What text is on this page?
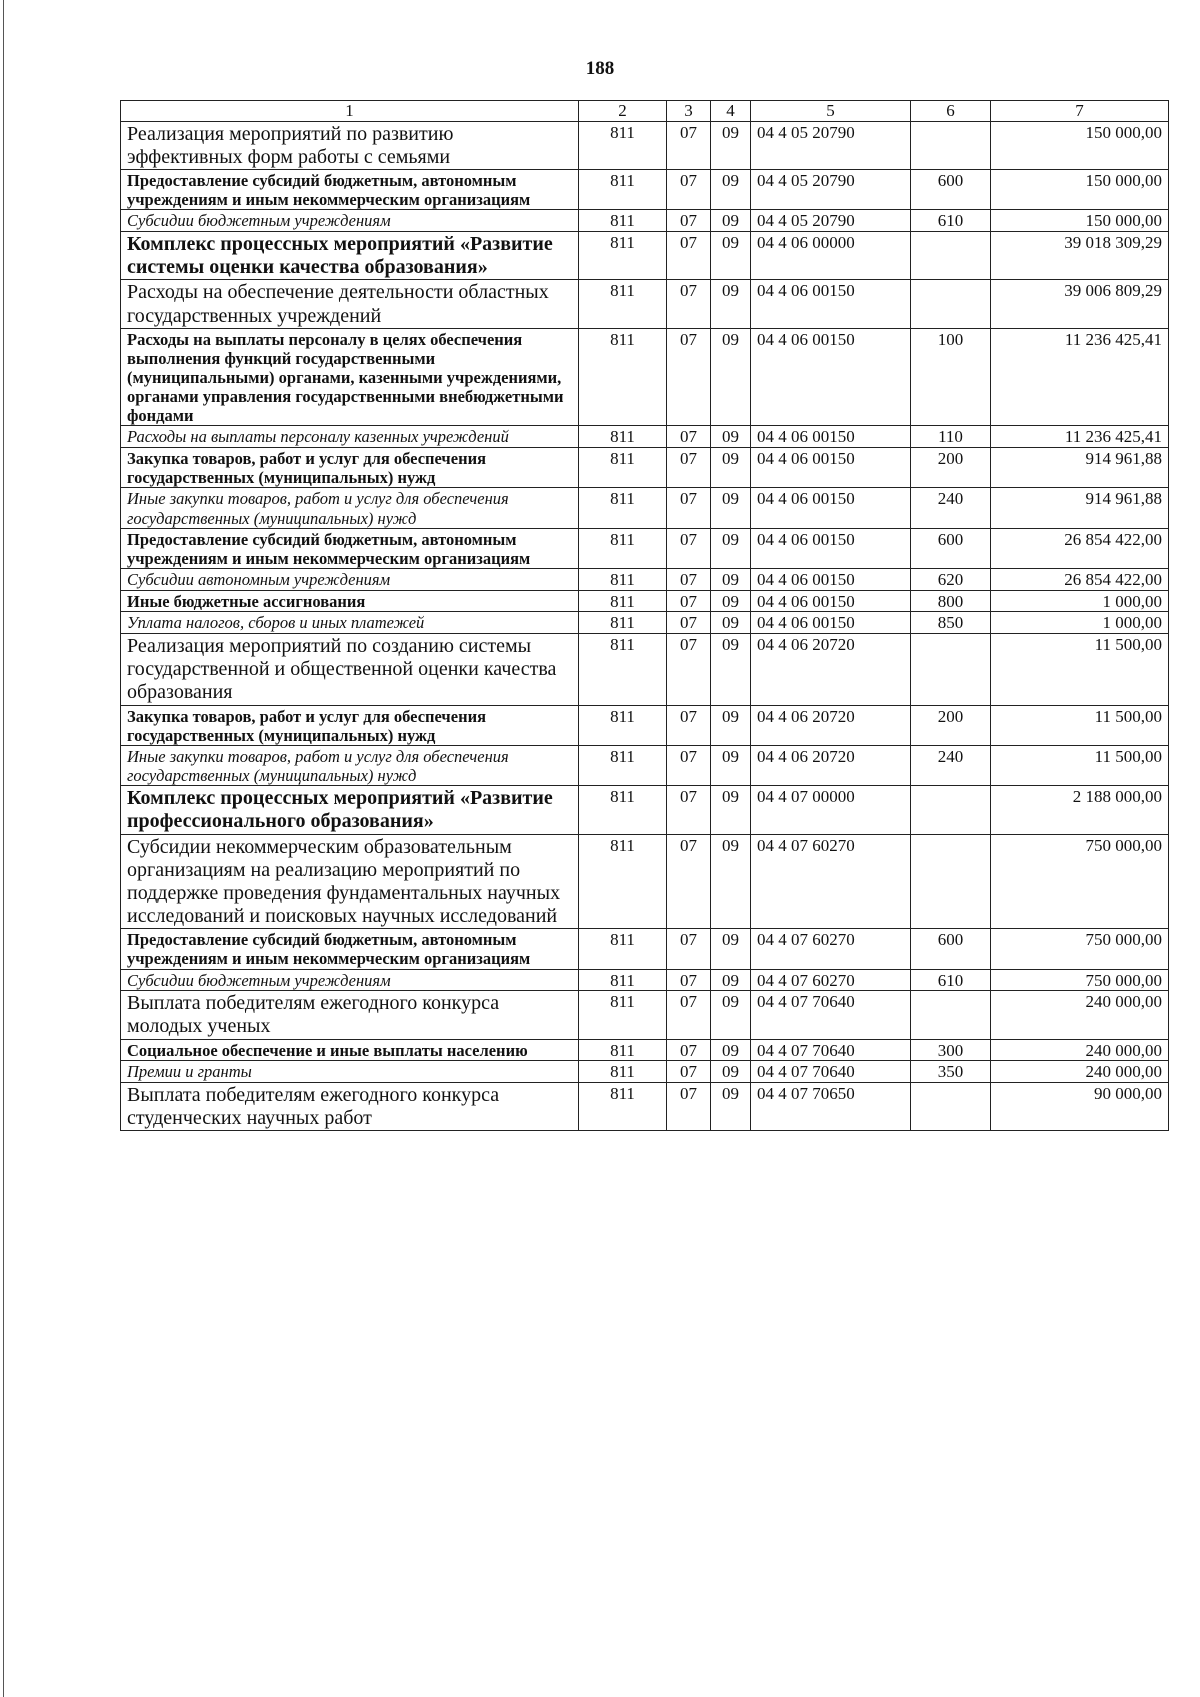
188
1	2	3	4	5	6	7
Реализация мероприятий по развитию эффективных форм работы с семьями	811	07	09	04 4 05 20790		150 000,00
Предоставление субсидий бюджетным, автономным учреждениям и иным некоммерческим организациям	811	07	09	04 4 05 20790	600	150 000,00
Субсидии бюджетным учреждениям	811	07	09	04 4 05 20790	610	150 000,00
Комплекс процессных мероприятий «Развитие системы оценки качества образования»	811	07	09	04 4 06 00000		39 018 309,29
Расходы на обеспечение деятельности областных государственных учреждений	811	07	09	04 4 06 00150		39 006 809,29
Расходы на выплаты персоналу в целях обеспечения выполнения функций государственными (муниципальными) органами, казенными учреждениями, органами управления государственными внебюджетными фондами	811	07	09	04 4 06 00150	100	11 236 425,41
Расходы на выплаты персоналу казенных учреждений	811	07	09	04 4 06 00150	110	11 236 425,41
Закупка товаров, работ и услуг для обеспечения государственных (муниципальных) нужд	811	07	09	04 4 06 00150	200	914 961,88
Иные закупки товаров, работ и услуг для обеспечения государственных (муниципальных) нужд	811	07	09	04 4 06 00150	240	914 961,88
Предоставление субсидий бюджетным, автономным учреждениям и иным некоммерческим организациям	811	07	09	04 4 06 00150	600	26 854 422,00
Субсидии автономным учреждениям	811	07	09	04 4 06 00150	620	26 854 422,00
Иные бюджетные ассигнования	811	07	09	04 4 06 00150	800	1 000,00
Уплата налогов, сборов и иных платежей	811	07	09	04 4 06 00150	850	1 000,00
Реализация мероприятий по созданию системы государственной и общественной оценки качества образования	811	07	09	04 4 06 20720		11 500,00
Закупка товаров, работ и услуг для обеспечения государственных (муниципальных) нужд	811	07	09	04 4 06 20720	200	11 500,00
Иные закупки товаров, работ и услуг для обеспечения государственных (муниципальных) нужд	811	07	09	04 4 06 20720	240	11 500,00
Комплекс процессных мероприятий «Развитие профессионального образования»	811	07	09	04 4 07 00000		2 188 000,00
Субсидии некоммерческим образовательным организациям на реализацию мероприятий по поддержке проведения фундаментальных научных исследований и поисковых научных исследований	811	07	09	04 4 07 60270		750 000,00
Предоставление субсидий бюджетным, автономным учреждениям и иным некоммерческим организациям	811	07	09	04 4 07 60270	600	750 000,00
Субсидии бюджетным учреждениям	811	07	09	04 4 07 60270	610	750 000,00
Выплата победителям ежегодного конкурса молодых ученых	811	07	09	04 4 07 70640		240 000,00
Социальное обеспечение и иные выплаты населению	811	07	09	04 4 07 70640	300	240 000,00
Премии и гранты	811	07	09	04 4 07 70640	350	240 000,00
Выплата победителям ежегодного конкурса студенческих научных работ	811	07	09	04 4 07 70650		90 000,00
